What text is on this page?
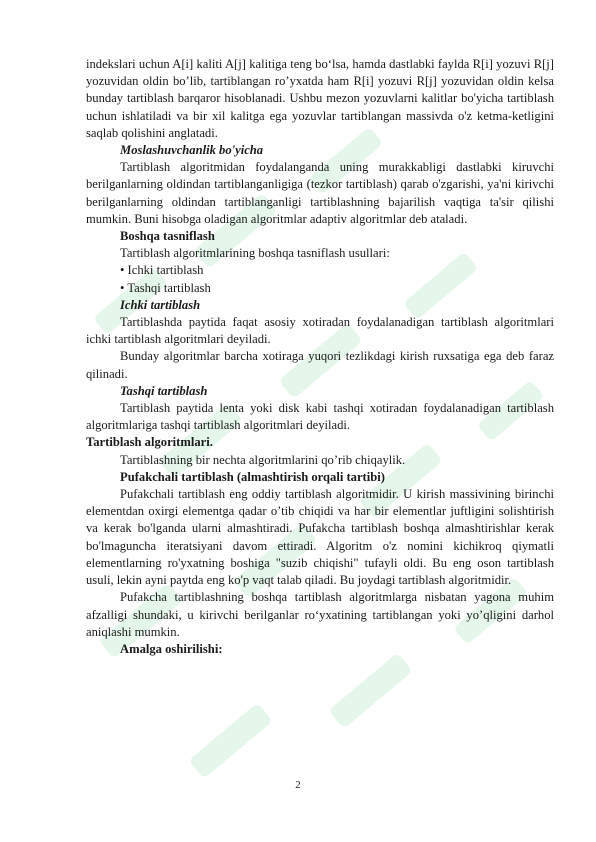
indekslari uchun A[i] kaliti A[j] kalitiga teng bo‘lsa, hamda dastlabki faylda R[i] yozuvi R[j] yozuvidan oldin bo’lib, tartiblangan ro’yxatda ham R[i] yozuvi R[j] yozuvidan oldin kelsa bunday tartiblash barqaror hisoblanadi. Ushbu mezon yozuvlarni kalitlar bo'yicha tartiblash uchun ishlatiladi va bir xil kalitga ega yozuvlar tartiblangan massivda o'z ketma-ketligini saqlab qolishini anglatadi.

Moslashuvchanlik bo'yicha

Tartiblash algoritmidan foydalanganda uning murakkabligi dastlabki kiruvchi berilganlarning oldindan tartiblanganligiga (tezkor tartiblash) qarab o'zgarishi, ya'ni kirivchi berilganlarning oldindan tartiblanganligi tartiblashning bajarilish vaqtiga ta'sir qilishi mumkin. Buni hisobga oladigan algoritmlar adaptiv algoritmlar deb ataladi.

Boshqa tasniflash

Tartiblash algoritmlarining boshqa tasniflash usullari:

• Ichki tartiblash

• Tashqi tartiblash

Ichki tartiblash

Tartiblashda paytida faqat asosiy xotiradan foydalanadigan tartiblash algoritmlari ichki tartiblash algoritmlari deyiladi.

Bunday algoritmlar barcha xotiraga yuqori tezlikdagi kirish ruxsatiga ega deb faraz qilinadi.

Tashqi tartiblash

Tartiblash paytida lenta yoki disk kabi tashqi xotiradan foydalanadigan tartiblash algoritmlariga tashqi tartiblash algoritmlari deyiladi.

Tartiblash algoritmlari.

Tartiblashning bir nechta algoritmlarini qo’rib chiqaylik.

Pufakchali tartiblash (almashtirish orqali tartibi)

Pufakchali tartiblash eng oddiy tartiblash algoritmidir. U kirish massivining birinchi elementdan oxirgi elementga qadar o’tib chiqidi va har bir elementlar juftligini solishtirish va kerak bo'lganda ularni almashtiradi. Pufakcha tartiblash boshqa almashtirishlar kerak bo'lmaguncha iteratsiyani davom ettiradi. Algoritm o'z nomini kichikroq qiymatli elementlarning ro'yxatning boshiga "suzib chiqishi" tufayli oldi. Bu eng oson tartiblash usuli, lekin ayni paytda eng ko'p vaqt talab qiladi. Bu joydagi tartiblash algoritmidir.

Pufakcha tartiblashning boshqa tartiblash algoritmlarga nisbatan yagona muhim afzalligi shundaki, u kirivchi berilganlar ro‘yxatining tartiblangan yoki yo’qligini darhol aniqlashi mumkin.

Amalga oshirilishi:

2
